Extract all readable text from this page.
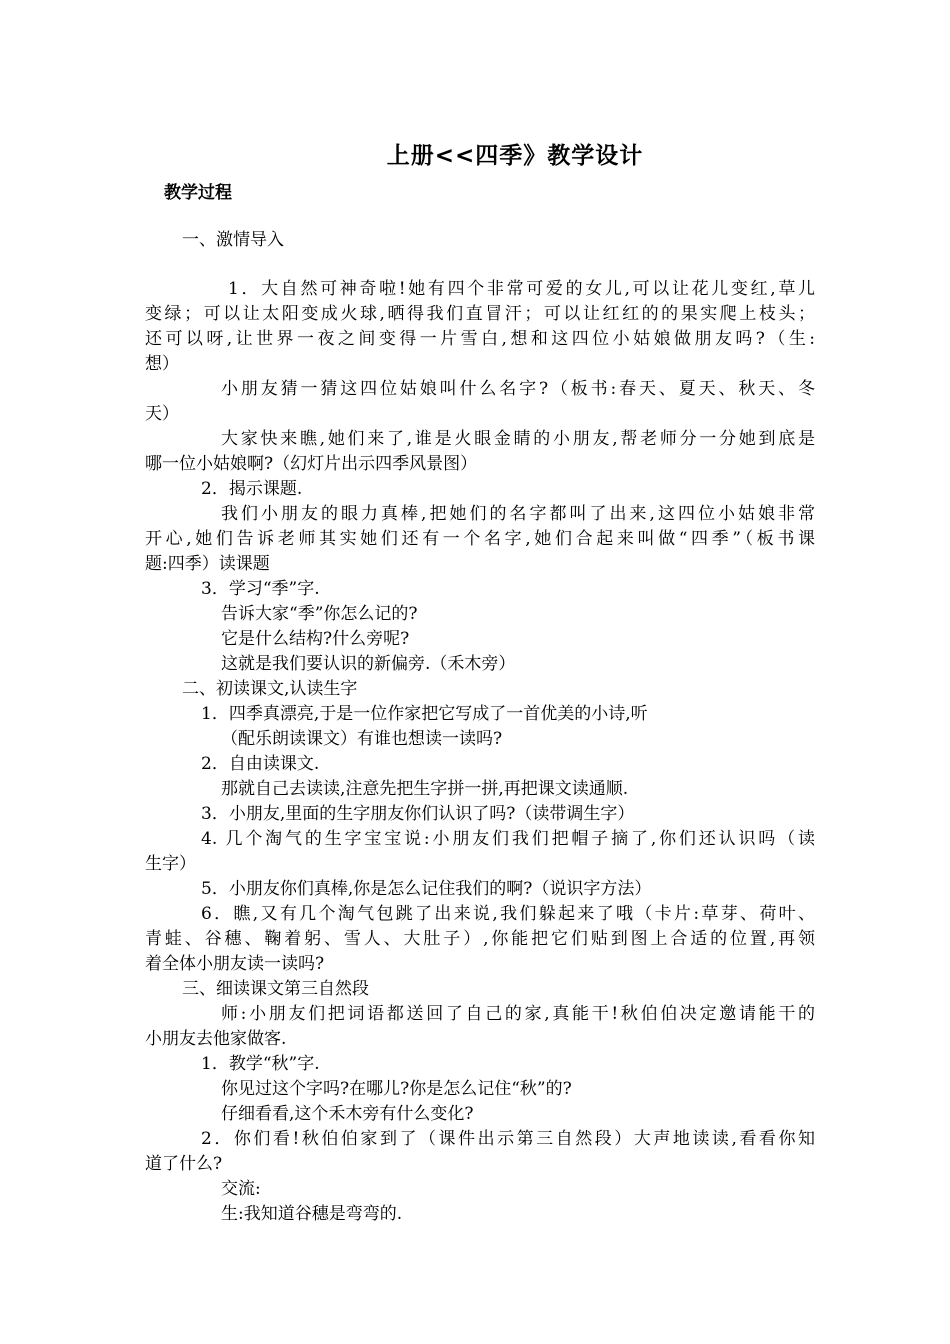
上册<<四季》教学设计
教学过程
一、激情导入
1．大自然可神奇啦!她有四个非常可爱的女儿,可以让花儿变红,草儿
变绿；可以让太阳变成火球,晒得我们直冒汗；可以让红红的的果实爬上枝头；
还可以呀,让世界一夜之间变得一片雪白,想和这四位小姑娘做朋友吗?（生:
想）
小朋友猜一猜这四位姑娘叫什么名字?（板书:春天、夏天、秋天、冬
天）
大家快来瞧,她们来了,谁是火眼金睛的小朋友,帮老师分一分她到底是
哪一位小姑娘啊?（幻灯片出示四季风景图）
2．揭示课题.
我们小朋友的眼力真棒,把她们的名字都叫了出来,这四位小姑娘非常
开心,她们告诉老师其实她们还有一个名字,她们合起来叫做“四季”（板书课
题:四季）读课题
3．学习“季”字.
告诉大家“季”你怎么记的?
它是什么结构?什么旁呢?
这就是我们要认识的新偏旁.（禾木旁）
二、初读课文,认读生字
1．四季真漂亮,于是一位作家把它写成了一首优美的小诗,听
（配乐朗读课文）有谁也想读一读吗?
2．自由读课文.
那就自己去读读,注意先把生字拼一拼,再把课文读通顺.
3．小朋友,里面的生字朋友你们认识了吗?（读带调生字）
4. 几个淘气的生字宝宝说:小朋友们我们把帽子摘了,你们还认识吗（读
生字）
5．小朋友你们真棒,你是怎么记住我们的啊?（说识字方法）
6．瞧,又有几个淘气包跳了出来说,我们躲起来了哦（卡片:草芽、荷叶、
青蛙、谷穗、鞠着躬、雪人、大肚子）,你能把它们贴到图上合适的位置,再领
着全体小朋友读一读吗?
三、细读课文第三自然段
师:小朋友们把词语都送回了自己的家,真能干!秋伯伯决定邀请能干的
小朋友去他家做客.
1．教学“秋”字.
你见过这个字吗?在哪儿?你是怎么记住“秋”的?
仔细看看,这个禾木旁有什么变化?
2．你们看!秋伯伯家到了（课件出示第三自然段）大声地读读,看看你知
道了什么?
交流:
生:我知道谷穗是弯弯的.
